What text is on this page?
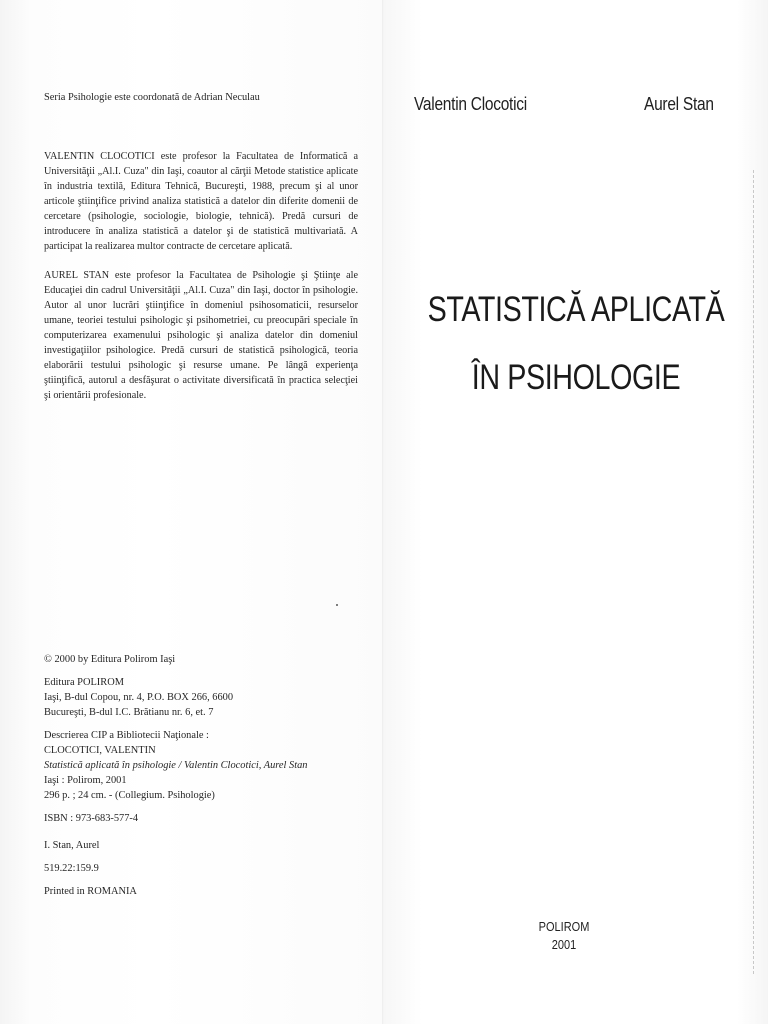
Seria Psihologie este coordonată de Adrian Neculau

VALENTIN CLOCOTICI este profesor la Facultatea de Informatică a Universităţii „Al.I. Cuza" din Iaşi, coautor al cărţii Metode statistice aplicate în industria textilă, Editura Tehnică, Bucureşti, 1988, precum şi al unor articole ştiinţifice privind analiza statistică a datelor din diferite domenii de cercetare (psihologie, sociologie, biologie, tehnică). Predă cursuri de introducere în analiza statistică a datelor şi de statistică multivariată. A participat la realizarea multor contracte de cercetare aplicată.

AUREL STAN este profesor la Facultatea de Psihologie şi Ştiinţe ale Educaţiei din cadrul Universităţii „Al.I. Cuza" din Iaşi, doctor în psihologie. Autor al unor lucrări ştiinţifice în domeniul psihosomaticii, resurselor umane, teoriei testului psihologic şi psihometriei, cu preocupări speciale în computerizarea examenului psihologic şi analiza datelor din domeniul investigaţiilor psihologice. Predă cursuri de statistică psihologică, teoria elaborării testului psihologic şi resurse umane. Pe lângă experienţa ştiinţifică, autorul a desfăşurat o activitate diversificată în practica selecţiei şi orientării profesionale.

© 2000 by Editura Polirom Iaşi

Editura POLIROM

Iaşi, B-dul Copou, nr. 4, P.O. BOX 266, 6600

Bucureşti, B-dul I.C. Brătianu nr. 6, et. 7

Descrierea CIP a Bibliotecii Naţionale :

CLOCOTICI, VALENTIN

Statistică aplicată în psihologie / Valentin Clocotici, Aurel Stan

Iaşi : Polirom, 2001

296 p. ; 24 cm. - (Collegium. Psihologie)

ISBN : 973-683-577-4

I. Stan, Aurel

519.22:159.9

Printed in ROMANIA

Valentin Clocotici	Aurel Stan
STATISTICĂ APLICATĂ
ÎN PSIHOLOGIE

POLIROM

2001
